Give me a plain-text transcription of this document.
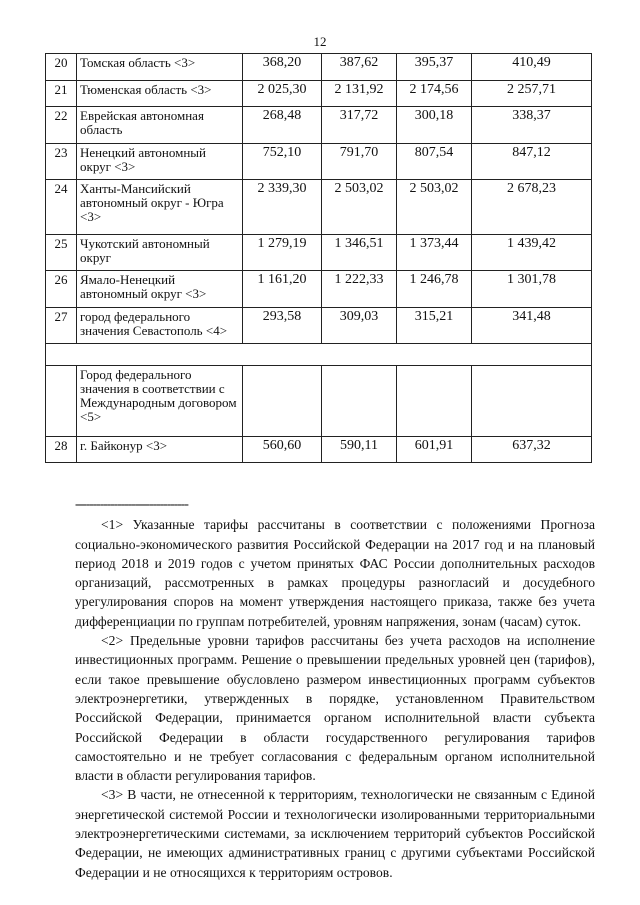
12
20	Томская область <3>	368,20	387,62	395,37	410,49
21	Тюменская область <3>	2 025,30	2 131,92	2 174,56	2 257,71
22	Еврейская автономная область	268,48	317,72	300,18	338,37
23	Ненецкий автономный округ <3>	752,10	791,70	807,54	847,12
24	Ханты-Мансийский автономный округ - Югра <3>	2 339,30	2 503,02	2 503,02	2 678,23
25	Чукотский автономный округ	1 279,19	1 346,51	1 373,44	1 439,42
26	Ямало-Ненецкий автономный округ <3>	1 161,20	1 222,33	1 246,78	1 301,78
27	город федерального значения Севастополь <4>	293,58	309,03	315,21	341,48

	Город федерального значения в соответствии с Международным договором <5>				
28	г. Байконур <3>	560,60	590,11	601,91	637,32
--------------------------------

<1> Указанные тарифы рассчитаны в соответствии с положениями Прогноза социально-экономического развития Российской Федерации на 2017 год и на плановый период 2018 и 2019 годов с учетом принятых ФАС России дополнительных расходов организаций, рассмотренных в рамках процедуры разногласий и досудебного урегулирования споров на момент утверждения настоящего приказа, также без учета дифференциации по группам потребителей, уровням напряжения, зонам (часам) суток.

<2> Предельные уровни тарифов рассчитаны без учета расходов на исполнение инвестиционных программ. Решение о превышении предельных уровней цен (тарифов), если такое превышение обусловлено размером инвестиционных программ субъектов электроэнергетики, утвержденных в порядке, установленном Правительством Российской Федерации, принимается органом исполнительной власти субъекта Российской Федерации в области государственного регулирования тарифов самостоятельно и не требует согласования с федеральным органом исполнительной власти в области регулирования тарифов.

<3> В части, не отнесенной к территориям, технологически не связанным с Единой энергетической системой России и технологически изолированными территориальными электроэнергетическими системами, за исключением территорий субъектов Российской Федерации, не имеющих административных границ с другими субъектами Российской Федерации и не относящихся к территориям островов.
